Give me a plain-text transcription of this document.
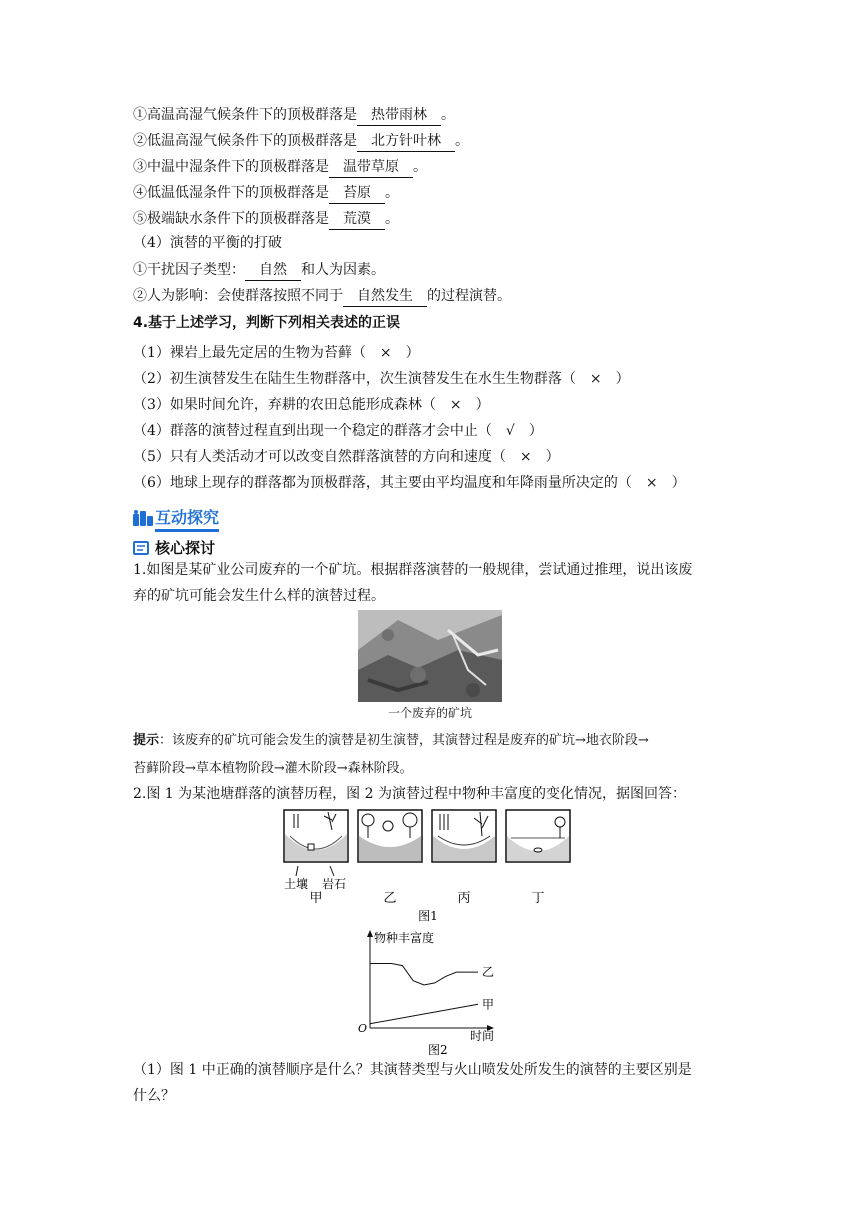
①高温高湿气候条件下的顶极群落是 热带雨林 。
②低温高湿气候条件下的顶极群落是 北方针叶林 。
③中温中湿条件下的顶极群落是 温带草原 。
④低温低湿条件下的顶极群落是 苔原 。
⑤极端缺水条件下的顶极群落是 荒漠 。
（4）演替的平衡的打破
①干扰因子类型： 自然 和人为因素。
②人为影响：会使群落按照不同于 自然发生 的过程演替。
4.基于上述学习，判断下列相关表述的正误
（1）裸岩上最先定居的生物为苔藓（　×　）
（2）初生演替发生在陆生生物群落中，次生演替发生在水生生物群落（　×　）
（3）如果时间允许，弃耕的农田总能形成森林（　×　）
（4）群落的演替过程直到出现一个稳定的群落才会中止（　√　）
（5）只有人类活动才可以改变自然群落演替的方向和速度（　×　）
（6）地球上现存的群落都为顶极群落，其主要由平均温度和年降雨量所决定的（　×　）
互动探究
核心探讨
1.如图是某矿业公司废弃的一个矿坑。根据群落演替的一般规律，尝试通过推理，说出该废
弃的矿坑可能会发生什么样的演替过程。
一个废弃的矿坑
提示：该废弃的矿坑可能会发生的演替是初生演替，其演替过程是废弃的矿坑→地衣阶段→
苔藓阶段→草本植物阶段→灌木阶段→森林阶段。
2.图 1 为某池塘群落的演替历程，图 2 为演替过程中物种丰富度的变化情况，据图回答：
土壤 岩石
甲	乙	丙	丁
图1
物种丰富度
时间
O
图2
乙
甲
（1）图 1 中正确的演替顺序是什么？其演替类型与火山喷发处所发生的演替的主要区别是
什么？
